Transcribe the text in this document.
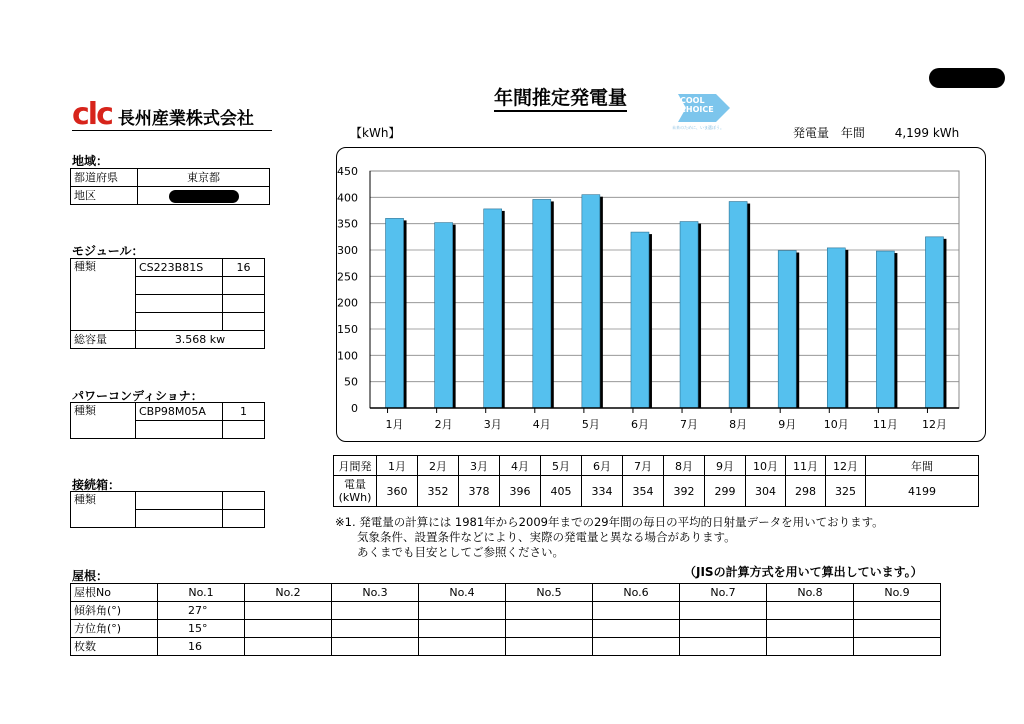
clc 長州産業株式会社
年間推定発電量	COOL
CHOICE
未来のために、いま選ぼう。
【kWh】	発電量 年間 4,199 kWh
地域：
都道府県	東京都
地区	
モジュール：
種類	CS223B81S	16

総容量	3.568 kw	
パワーコンディショナ：
種類	CBP98M05A	1

接続箱：
種類		

0
50
100
150
200
250
300
350
400
450
1月	2月	3月	4月	5月	6月	7月	8月	9月	10月 11月 12月
月間発	1月	2月	3月	4月	5月	6月	7月	8月	9月	10月	11月	12月	年間

電量
(kWh)	360	352	378	396	405	334	354	392	299	304	298	325	4199
※1. 発電量の計算には 1981年から2009年までの29年間の毎日の平均的日射量データを用いております。
気象条件、設置条件などにより、実際の発電量と異なる場合があります。
あくまでも目安としてご参照ください。
（JISの計算方式を用いて算出しています。）
屋根：
屋根No	No.1	No.2	No.3	No.4	No.5	No.6	No.7	No.8	No.9
傾斜角(°)	27°								
方位角(°)	15°								
枚数	16								
